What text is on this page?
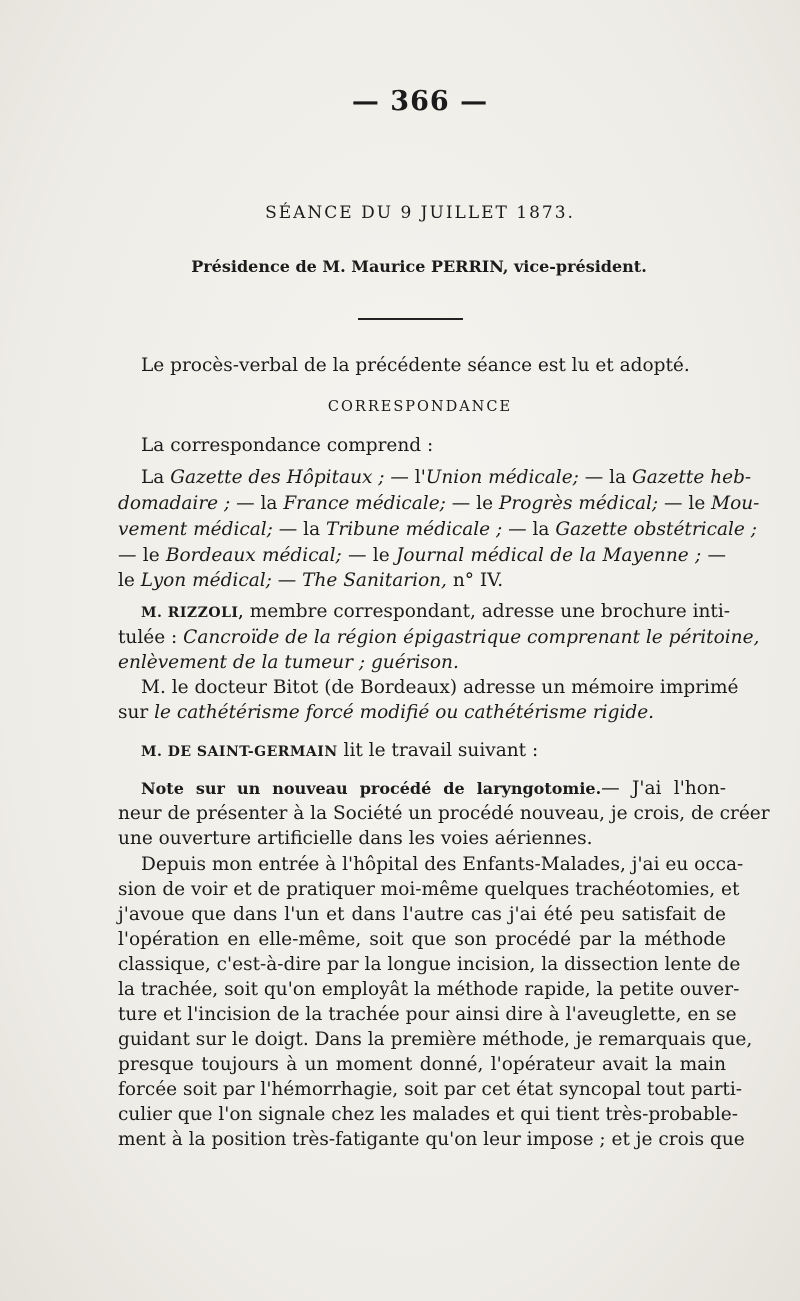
— 366 —
SÉANCE DU 9 JUILLET 1873.
Présidence de M. Maurice PERRIN, vice-président.
Le procès-verbal de la précédente séance est lu et adopté.
CORRESPONDANCE
La correspondance comprend :
La Gazette des Hôpitaux ; — l'Union médicale; — la Gazette heb-
domadaire ; — la France médicale; — le Progrès médical; — le Mou-
vement médical; — la Tribune médicale ; — la Gazette obstétricale ;
— le Bordeaux médical; — le Journal médical de la Mayenne ; —
le Lyon médical; — The Sanitarion, n° IV.
M. RIZZOLI, membre correspondant, adresse une brochure inti-
tulée : Cancroïde de la région épigastrique comprenant le péritoine,
enlèvement de la tumeur ; guérison.
M. le docteur Bitot (de Bordeaux) adresse un mémoire imprimé
sur le cathétérisme forcé modifié ou cathétérisme rigide.
M. DE SAINT-GERMAIN lit le travail suivant :
Note sur un nouveau procédé de laryngotomie.— J'ai l'hon-
neur de présenter à la Société un procédé nouveau, je crois, de créer
une ouverture artificielle dans les voies aériennes.
Depuis mon entrée à l'hôpital des Enfants-Malades, j'ai eu occa-
sion de voir et de pratiquer moi-même quelques trachéotomies, et
j'avoue que dans l'un et dans l'autre cas j'ai été peu satisfait de
l'opération en elle-même, soit que son procédé par la méthode
classique, c'est-à-dire par la longue incision, la dissection lente de
la trachée, soit qu'on employât la méthode rapide, la petite ouver-
ture et l'incision de la trachée pour ainsi dire à l'aveuglette, en se
guidant sur le doigt. Dans la première méthode, je remarquais que,
presque toujours à un moment donné, l'opérateur avait la main
forcée soit par l'hémorrhagie, soit par cet état syncopal tout parti-
culier que l'on signale chez les malades et qui tient très-probable-
ment à la position très-fatigante qu'on leur impose ; et je crois que
